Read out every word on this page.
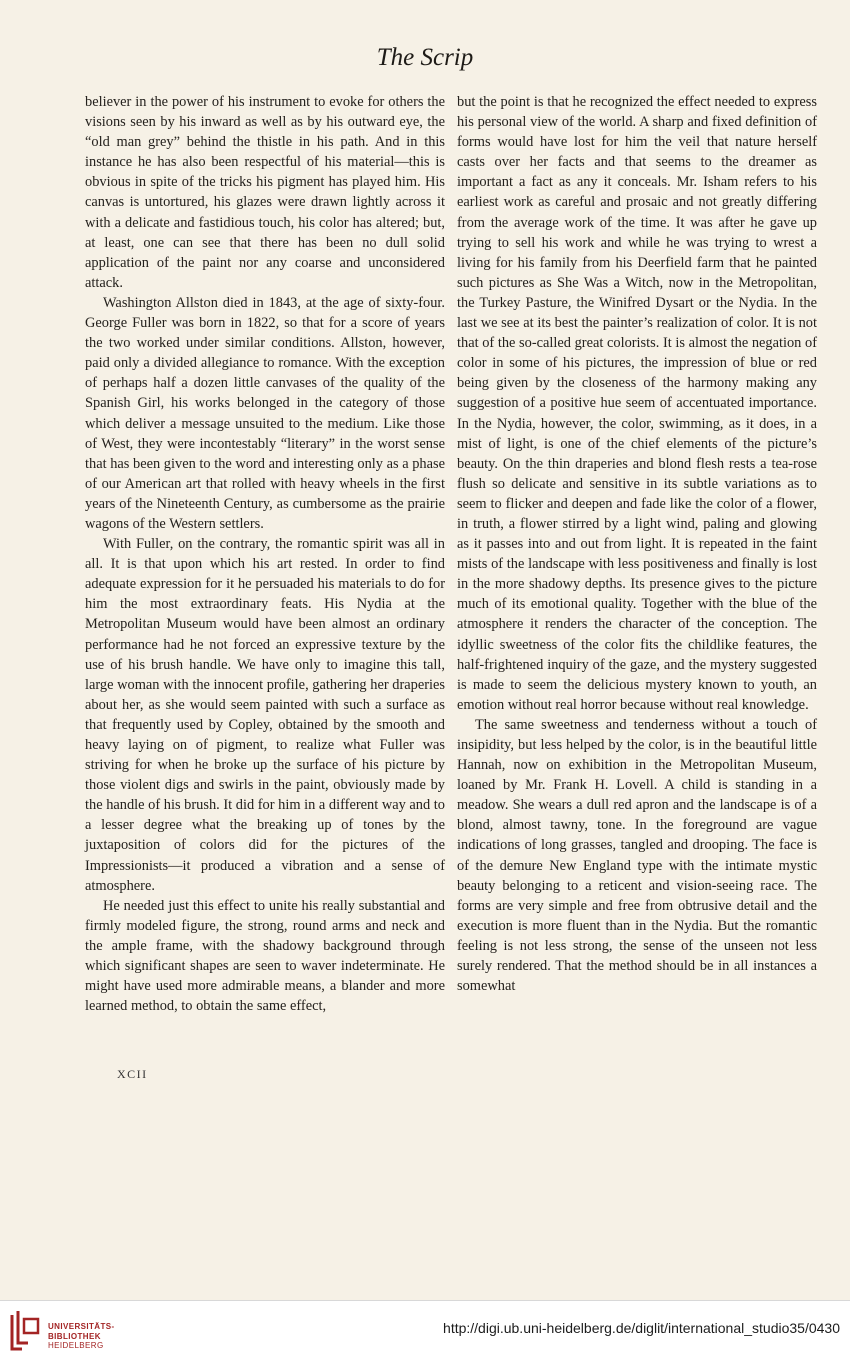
The Scrip

believer in the power of his instrument to evoke for others the visions seen by his inward as well as by his outward eye, the “old man grey” behind the thistle in his path. And in this instance he has also been respectful of his material—this is obvious in spite of the tricks his pigment has played him. His canvas is untortured, his glazes were drawn lightly across it with a delicate and fastidious touch, his color has altered; but, at least, one can see that there has been no dull solid application of the paint nor any coarse and unconsidered attack.

Washington Allston died in 1843, at the age of sixty-four. George Fuller was born in 1822, so that for a score of years the two worked under similar conditions. Allston, however, paid only a divided allegiance to romance. With the exception of perhaps half a dozen little canvases of the quality of the Spanish Girl, his works belonged in the category of those which deliver a message unsuited to the medium. Like those of West, they were incontestably “literary” in the worst sense that has been given to the word and interesting only as a phase of our American art that rolled with heavy wheels in the first years of the Nineteenth Century, as cumbersome as the prairie wagons of the Western settlers.

With Fuller, on the contrary, the romantic spirit was all in all. It is that upon which his art rested. In order to find adequate expression for it he persuaded his materials to do for him the most extraordinary feats. His Nydia at the Metropolitan Museum would have been almost an ordinary performance had he not forced an expressive texture by the use of his brush handle. We have only to imagine this tall, large woman with the innocent profile, gathering her draperies about her, as she would seem painted with such a surface as that frequently used by Copley, obtained by the smooth and heavy laying on of pigment, to realize what Fuller was striving for when he broke up the surface of his picture by those violent digs and swirls in the paint, obviously made by the handle of his brush. It did for him in a different way and to a lesser degree what the breaking up of tones by the juxtaposition of colors did for the pictures of the Impressionists—it produced a vibration and a sense of atmosphere.

He needed just this effect to unite his really substantial and firmly modeled figure, the strong, round arms and neck and the ample frame, with the shadowy background through which significant shapes are seen to waver indeterminate. He might have used more admirable means, a blander and more learned method, to obtain the same effect,

but the point is that he recognized the effect needed to express his personal view of the world. A sharp and fixed definition of forms would have lost for him the veil that nature herself casts over her facts and that seems to the dreamer as important a fact as any it conceals. Mr. Isham refers to his earliest work as careful and prosaic and not greatly differing from the average work of the time. It was after he gave up trying to sell his work and while he was trying to wrest a living for his family from his Deerfield farm that he painted such pictures as She Was a Witch, now in the Metropolitan, the Turkey Pasture, the Winifred Dysart or the Nydia. In the last we see at its best the painter’s realization of color. It is not that of the so-called great colorists. It is almost the negation of color in some of his pictures, the impression of blue or red being given by the closeness of the harmony making any suggestion of a positive hue seem of accentuated importance. In the Nydia, however, the color, swimming, as it does, in a mist of light, is one of the chief elements of the picture’s beauty. On the thin draperies and blond flesh rests a tea-rose flush so delicate and sensitive in its subtle variations as to seem to flicker and deepen and fade like the color of a flower, in truth, a flower stirred by a light wind, paling and glowing as it passes into and out from light. It is repeated in the faint mists of the landscape with less positiveness and finally is lost in the more shadowy depths. Its presence gives to the picture much of its emotional quality. Together with the blue of the atmosphere it renders the character of the conception. The idyllic sweetness of the color fits the childlike features, the half-frightened inquiry of the gaze, and the mystery suggested is made to seem the delicious mystery known to youth, an emotion without real horror because without real knowledge.

The same sweetness and tenderness without a touch of insipidity, but less helped by the color, is in the beautiful little Hannah, now on exhibition in the Metropolitan Museum, loaned by Mr. Frank H. Lovell. A child is standing in a meadow. She wears a dull red apron and the landscape is of a blond, almost tawny, tone. In the foreground are vague indications of long grasses, tangled and drooping. The face is of the demure New England type with the intimate mystic beauty belonging to a reticent and vision-seeing race. The forms are very simple and free from obtrusive detail and the execution is more fluent than in the Nydia. But the romantic feeling is not less strong, the sense of the unseen not less surely rendered. That the method should be in all instances a somewhat

XCII
UNIVERSITÄTS-
BIBLIOTHEK
HEIDELBERG
http://digi.ub.uni-heidelberg.de/diglit/international_studio35/0430
